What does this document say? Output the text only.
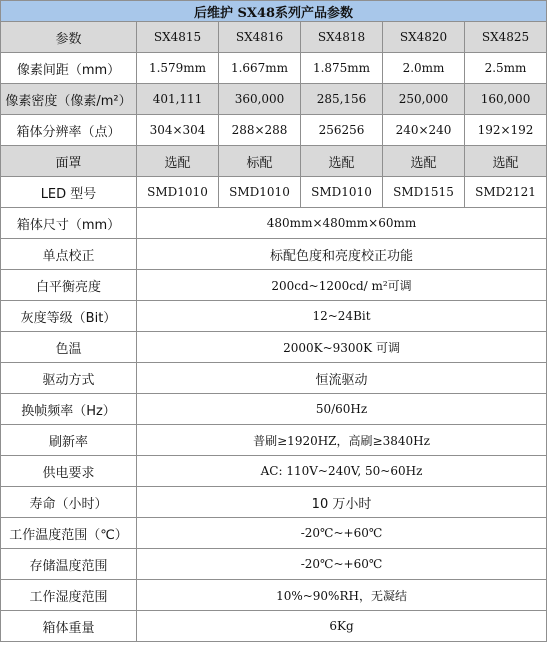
后维护 SX48系列产品参数					
参数	SX4815	SX4816	SX4818	SX4820	SX4825
像素间距（mm）	1.579mm	1.667mm	1.875mm	2.0mm	2.5mm
像素密度（像素/m²）	401,111	360,000	285,156	250,000	160,000
箱体分辨率（点）	304×304	288×288	256256	240×240	192×192
面罩	选配	标配	选配	选配	选配
LED 型号	SMD1010	SMD1010	SMD1010	SMD1515	SMD2121
箱体尺寸（mm）	480mm×480mm×60mm				
单点校正	标配色度和亮度校正功能				
白平衡亮度	200cd~1200cd/ m²可调				
灰度等级（Bit）	12~24Bit				
色温	2000K~9300K 可调				
驱动方式	恒流驱动				
换帧频率（Hz）	50/60Hz				
刷新率	普刷≥1920HZ，高刷≥3840Hz				
供电要求	AC: 110V~240V, 50~60Hz				
寿命（小时）	10 万小时				
工作温度范围（℃）	-20℃~+60℃				
存储温度范围	-20℃~+60℃				
工作湿度范围	10%~90%RH，无凝结				
箱体重量	6Kg				
